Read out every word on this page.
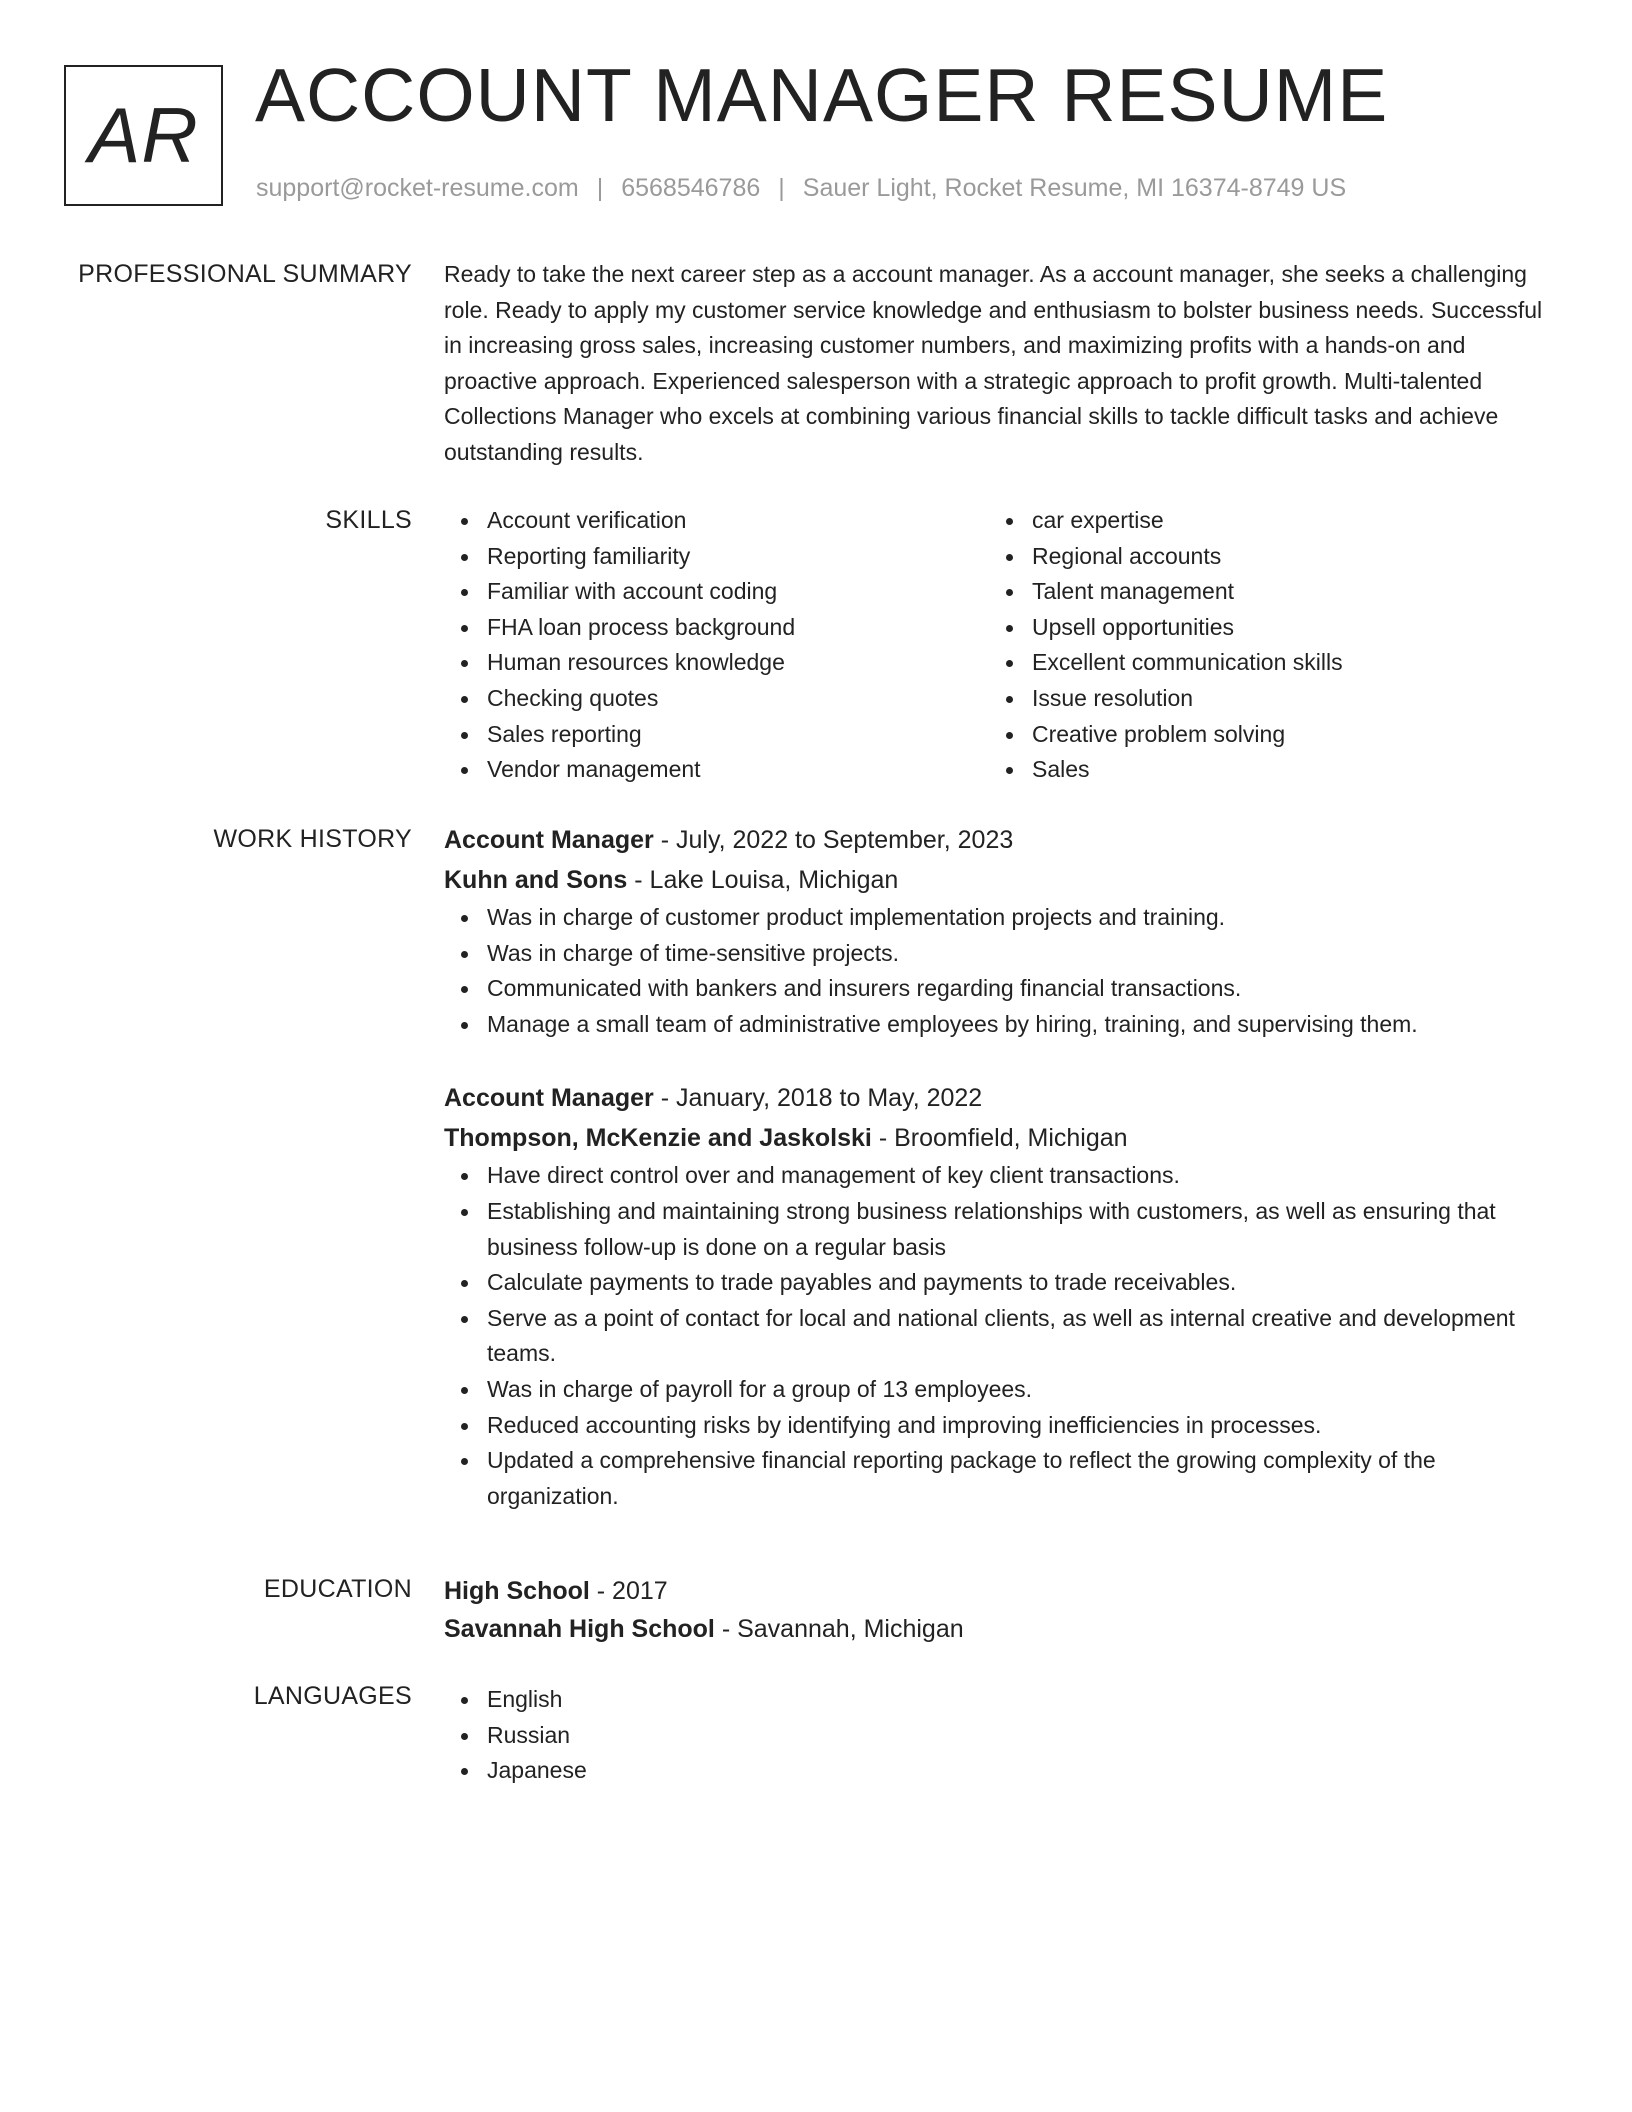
AR ACCOUNT MANAGER RESUME
support@rocket-resume.com | 6568546786 | Sauer Light, Rocket Resume, MI 16374-8749 US
PROFESSIONAL SUMMARY Ready to take the next career step as a account manager. As a account manager, she seeks a challenging role. Ready to apply my customer service knowledge and enthusiasm to bolster business needs. Successful in increasing gross sales, increasing customer numbers, and maximizing profits with a hands-on and proactive approach. Experienced salesperson with a strategic approach to profit growth. Multi-talented Collections Manager who excels at combining various financial skills to tackle difficult tasks and achieve outstanding results.
SKILLS	Account verification
Reporting familiarity
Familiar with account coding
FHA loan process background
Human resources knowledge
Checking quotes
Sales reporting
Vendor management
car expertise
Regional accounts
Talent management
Upsell opportunities
Excellent communication skills
Issue resolution
Creative problem solving
Sales
WORK HISTORY Account Manager - July, 2022 to September, 2023
Kuhn and Sons - Lake Louisa, Michigan
Was in charge of customer product implementation projects and training.
Was in charge of time-sensitive projects.
Communicated with bankers and insurers regarding financial transactions.
Manage a small team of administrative employees by hiring, training, and supervising them.
Account Manager - January, 2018 to May, 2022
Thompson, McKenzie and Jaskolski - Broomfield, Michigan
Have direct control over and management of key client transactions.
Establishing and maintaining strong business relationships with customers, as well as ensuring that business follow-up is done on a regular basis
Calculate payments to trade payables and payments to trade receivables.
Serve as a point of contact for local and national clients, as well as internal creative and development teams.
Was in charge of payroll for a group of 13 employees.
Reduced accounting risks by identifying and improving inefficiencies in processes.
Updated a comprehensive financial reporting package to reflect the growing complexity of the organization.
EDUCATION High School - 2017
Savannah High School - Savannah, Michigan
LANGUAGES	English
Russian
Japanese
